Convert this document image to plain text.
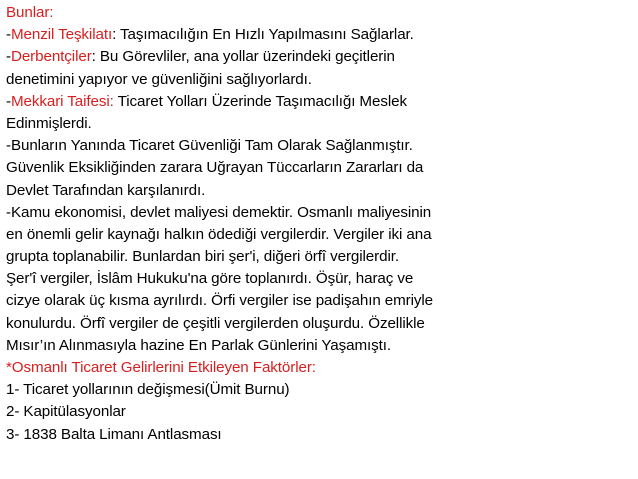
Bunlar:
-Menzil Teşkilatı: Taşımacılığın En Hızlı Yapılmasını Sağlarlar.
-Derbentçiler: Bu Görevliler, ana yollar üzerindeki geçitlerin
denetimini yapıyor ve güvenliğini sağlıyorlardı.
-Mekkari Taifesi: Ticaret Yolları Üzerinde Taşımacılığı Meslek
Edinmişlerdi.
-Bunların Yanında Ticaret Güvenliği Tam Olarak Sağlanmıştır.
Güvenlik Eksikliğinden zarara Uğrayan Tüccarların Zararları da
Devlet Tarafından karşılanırdı.
-Kamu ekonomisi, devlet maliyesi demektir. Osmanlı maliyesinin
en önemli gelir kaynağı halkın ödediği vergilerdir. Vergiler iki ana
grupta toplanabilir. Bunlardan biri şer'i, diğeri örfî vergilerdir.
Şer'î vergiler, İslâm Hukuku'na göre toplanırdı. Öşür, haraç ve
cizye olarak üç kısma ayrılırdı. Örfi vergiler ise padişahın emriyle
konulurdu. Örfî vergiler de çeşitli vergilerden oluşurdu. Özellikle
Mısır’ın Alınmasıyla hazine En Parlak Günlerini Yaşamıştı.
*Osmanlı Ticaret Gelirlerini Etkileyen Faktörler:
1- Ticaret yollarının değişmesi(Ümit Burnu)
2- Kapitülasyonlar
3- 1838 Balta Limanı Antlasması
